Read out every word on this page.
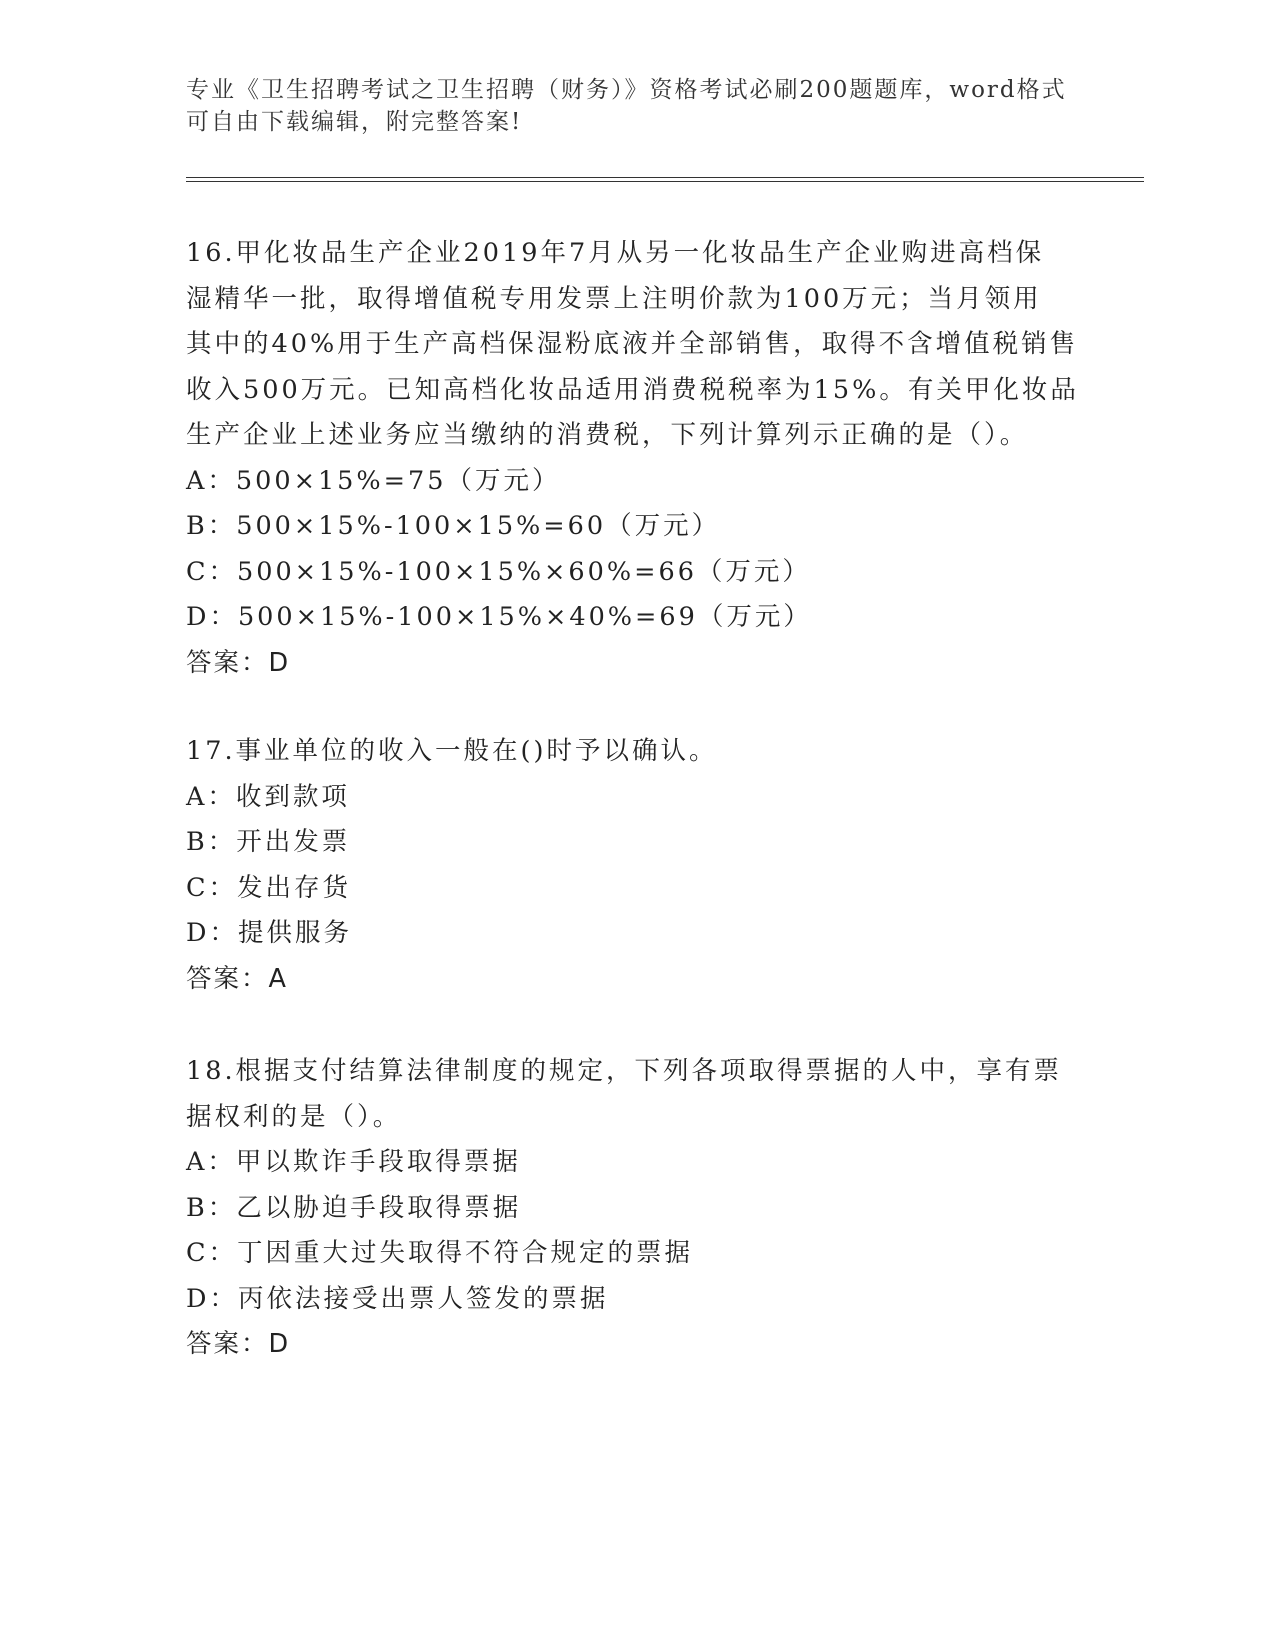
专业《卫生招聘考试之卫生招聘（财务）》资格考试必刷200题题库，word格式
可自由下载编辑，附完整答案!
16.甲化妆品生产企业2019年7月从另一化妆品生产企业购进高档保
湿精华一批，取得增值税专用发票上注明价款为100万元；当月领用
其中的40%用于生产高档保湿粉底液并全部销售，取得不含增值税销售
收入500万元。已知高档化妆品适用消费税税率为15%。有关甲化妆品
生产企业上述业务应当缴纳的消费税，下列计算列示正确的是（）。
A：500×15%=75（万元）
B：500×15%-100×15%=60（万元）
C：500×15%-100×15%×60%=66（万元）
D：500×15%-100×15%×40%=69（万元）
答案：D
17.事业单位的收入一般在()时予以确认。
A：收到款项
B：开出发票
C：发出存货
D：提供服务
答案：A
18.根据支付结算法律制度的规定，下列各项取得票据的人中，享有票
据权利的是（）。
A：甲以欺诈手段取得票据
B：乙以胁迫手段取得票据
C：丁因重大过失取得不符合规定的票据
D：丙依法接受出票人签发的票据
答案：D
